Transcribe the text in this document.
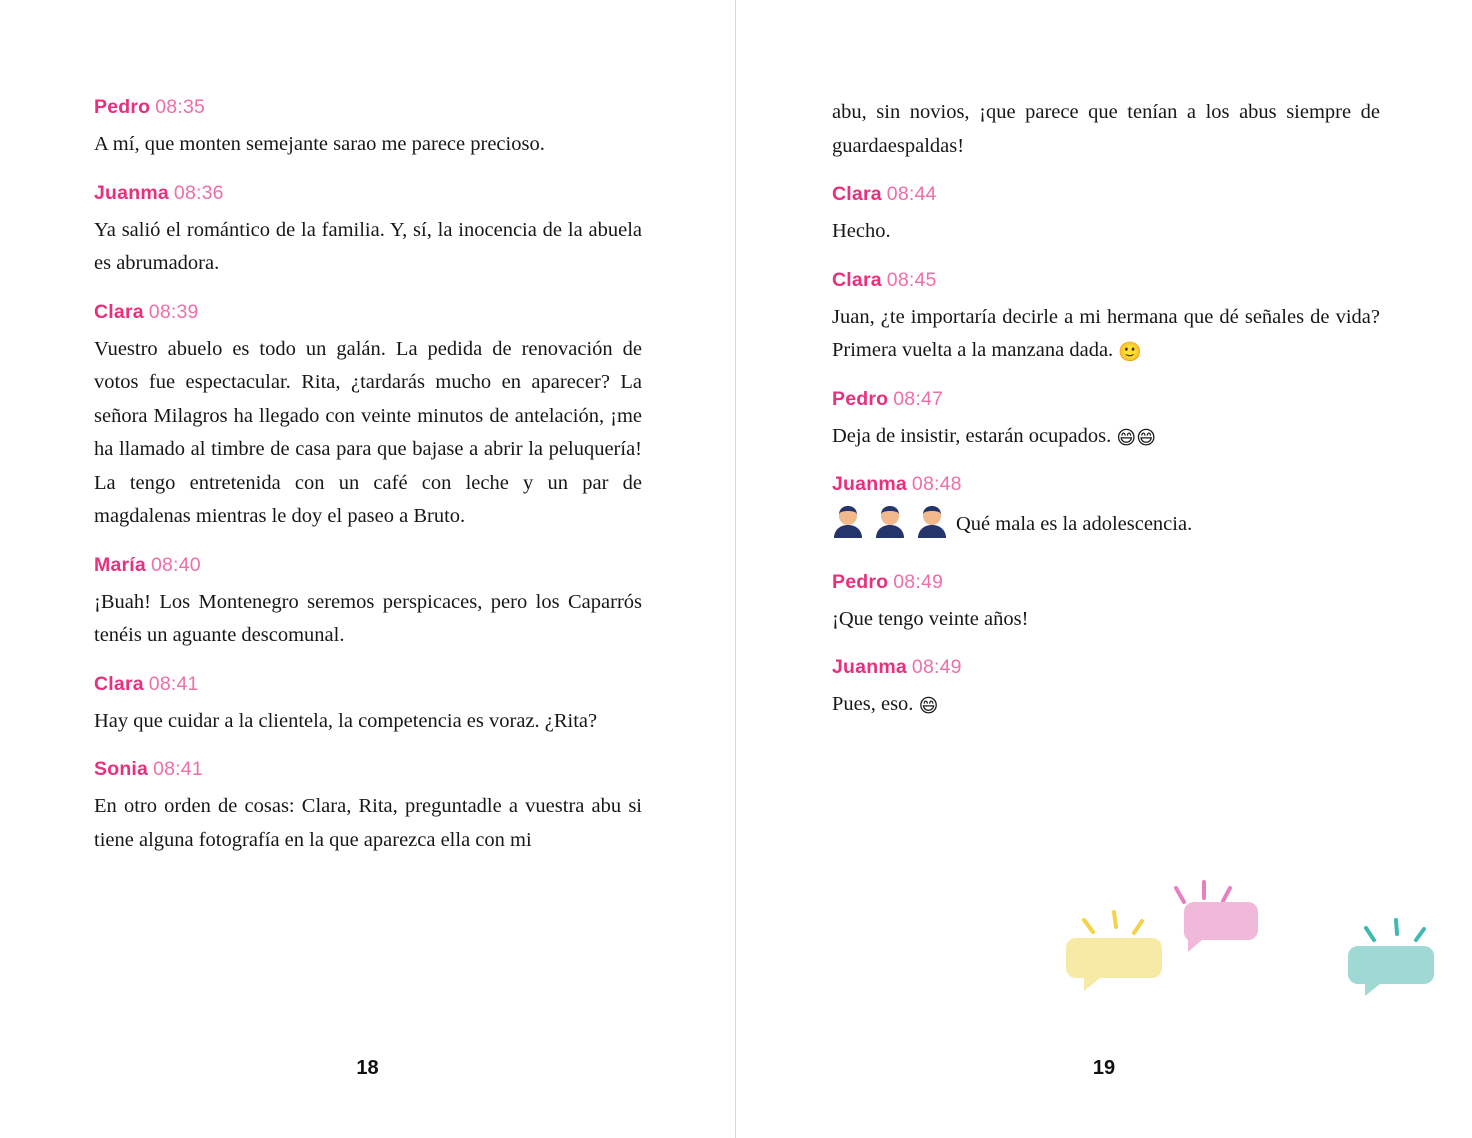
Pedro 08:35
A mí, que monten semejante sarao me parece precioso.
Juanma 08:36
Ya salió el romántico de la familia. Y, sí, la inocencia de la abuela es abrumadora.
Clara 08:39
Vuestro abuelo es todo un galán. La pedida de renovación de votos fue espectacular. Rita, ¿tardarás mucho en aparecer? La señora Milagros ha llegado con veinte minutos de antelación, ¡me ha llamado al timbre de casa para que bajase a abrir la peluquería! La tengo entretenida con un café con leche y un par de magdalenas mientras le doy el paseo a Bruto.
María 08:40
¡Buah! Los Montenegro seremos perspicaces, pero los Caparrós tenéis un aguante descomunal.
Clara 08:41
Hay que cuidar a la clientela, la competencia es voraz. ¿Rita?
Sonia 08:41
En otro orden de cosas: Clara, Rita, preguntadle a vuestra abu si tiene alguna fotografía en la que aparezca ella con mi
18
abu, sin novios, ¡que parece que tenían a los abus siempre de guardaespaldas!
Clara 08:44
Hecho.
Clara 08:45
Juan, ¿te importaría decirle a mi hermana que dé señales de vida? Primera vuelta a la manzana dada. 🙂
Pedro 08:47
Deja de insistir, estarán ocupados. 😄😄
Juanma 08:48
Qué mala es la adolescencia.
Pedro 08:49
¡Que tengo veinte años!
Juanma 08:49
Pues, eso. 😄
19
